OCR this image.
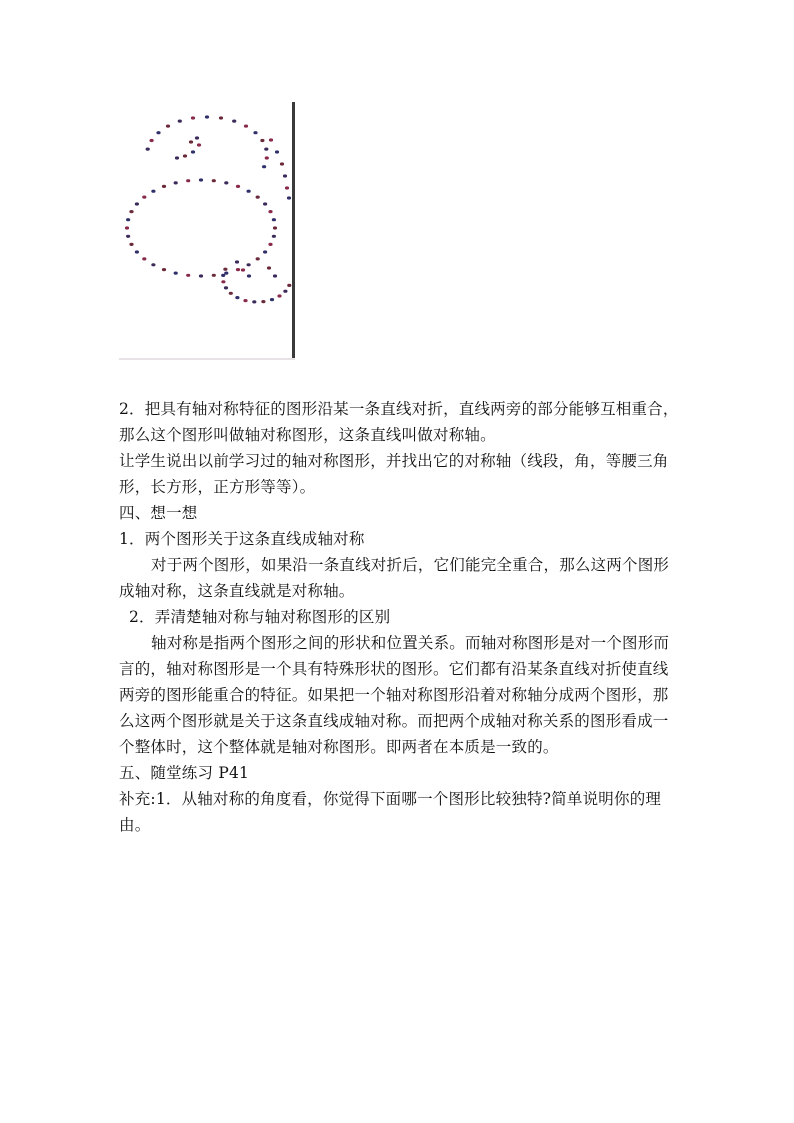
2．把具有轴对称特征的图形沿某一条直线对折，直线两旁的部分能够互相重合，
那么这个图形叫做轴对称图形，这条直线叫做对称轴。
让学生说出以前学习过的轴对称图形，并找出它的对称轴（线段，角，等腰三角
形，长方形，正方形等等）。
四、想一想
1．两个图形关于这条直线成轴对称
对于两个图形，如果沿一条直线对折后，它们能完全重合，那么这两个图形
成轴对称，这条直线就是对称轴。
2．弄清楚轴对称与轴对称图形的区别
轴对称是指两个图形之间的形状和位置关系。而轴对称图形是对一个图形而
言的，轴对称图形是一个具有特殊形状的图形。它们都有沿某条直线对折使直线
两旁的图形能重合的特征。如果把一个轴对称图形沿着对称轴分成两个图形，那
么这两个图形就是关于这条直线成轴对称。而把两个成轴对称关系的图形看成一
个整体时，这个整体就是轴对称图形。即两者在本质是一致的。
五、随堂练习 P41
补充:1．从轴对称的角度看，你觉得下面哪一个图形比较独特?简单说明你的理
由。
